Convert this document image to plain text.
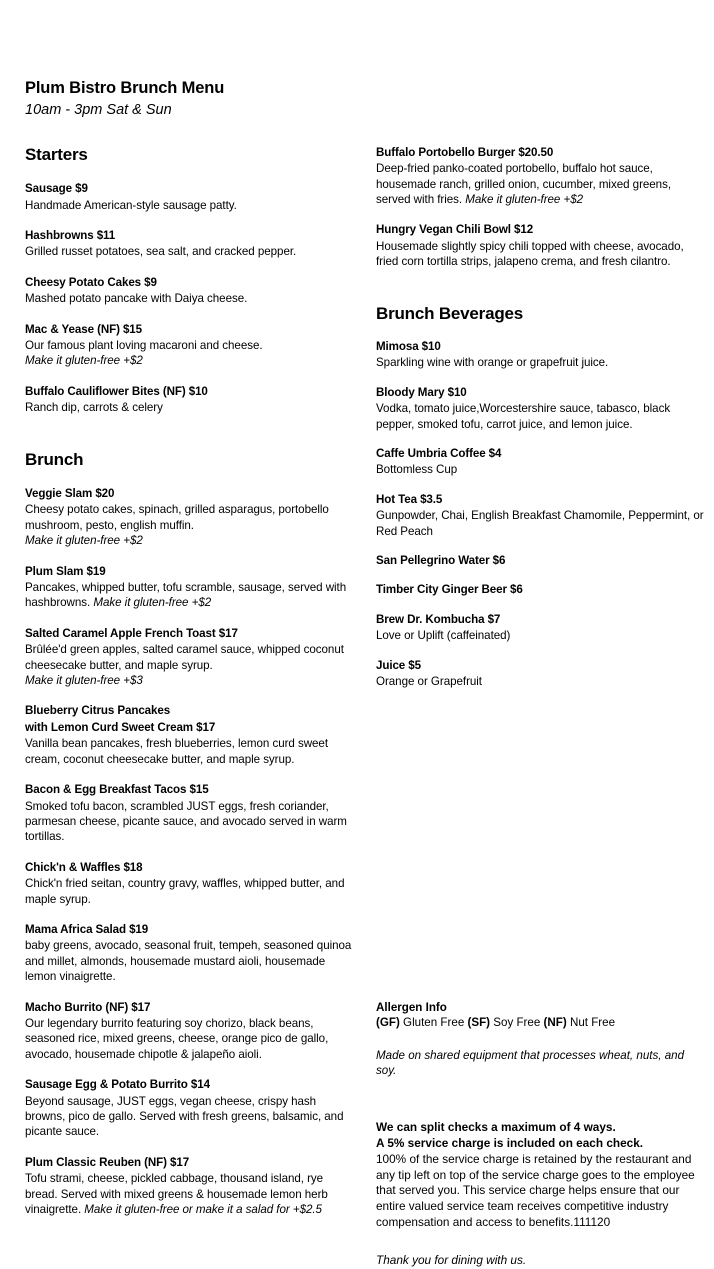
Plum Bistro Brunch Menu

10am - 3pm Sat & Sun

Starters

Sausage $9

Handmade American-style sausage patty.

Hashbrowns $11

Grilled russet potatoes, sea salt, and cracked pepper.

Cheesy Potato Cakes $9

Mashed potato pancake with Daiya cheese.

Mac & Yease (NF) $15

Our famous plant loving macaroni and cheese.

Make it gluten-free +$2

Buffalo Cauliflower Bites (NF) $10

Ranch dip, carrots & celery

Brunch

Veggie Slam $20

Cheesy potato cakes, spinach, grilled asparagus, portobello mushroom, pesto, english muffin.

Make it gluten-free +$2

Plum Slam $19

Pancakes, whipped butter, tofu scramble, sausage, served with hashbrowns. Make it gluten-free +$2

Salted Caramel Apple French Toast $17

Brûlée'd green apples, salted caramel sauce, whipped coconut cheesecake butter, and maple syrup.

Make it gluten-free +$3

Blueberry Citrus Pancakes

with Lemon Curd Sweet Cream $17

Vanilla bean pancakes, fresh blueberries, lemon curd sweet cream, coconut cheesecake butter, and maple syrup.

Bacon & Egg Breakfast Tacos $15

Smoked tofu bacon, scrambled JUST eggs, fresh coriander, parmesan cheese, picante sauce, and avocado served in warm tortillas.

Chick'n & Waffles $18

Chick'n fried seitan, country gravy, waffles, whipped butter, and maple syrup.

Mama Africa Salad $19

baby greens, avocado, seasonal fruit, tempeh, seasoned quinoa and millet, almonds, housemade mustard aioli, housemade lemon vinaigrette.

Macho Burrito (NF) $17

Our legendary burrito featuring soy chorizo, black beans, seasoned rice, mixed greens, cheese, orange pico de gallo, avocado, housemade chipotle & jalapeño aioli.

Sausage Egg & Potato Burrito $14

Beyond sausage, JUST eggs, vegan cheese, crispy hash browns, pico de gallo. Served with fresh greens, balsamic, and picante sauce.

Plum Classic Reuben (NF) $17

Tofu strami, cheese, pickled cabbage, thousand island, rye bread. Served with mixed greens & housemade lemon herb vinaigrette. Make it gluten-free or make it a salad for +$2.5

Buffalo Portobello Burger $20.50

Deep-fried panko-coated portobello, buffalo hot sauce, housemade ranch, grilled onion, cucumber, mixed greens, served with fries. Make it gluten-free +$2

Hungry Vegan Chili Bowl $12

Housemade slightly spicy chili topped with cheese, avocado, fried corn tortilla strips, jalapeno crema, and fresh cilantro.

Brunch Beverages

Mimosa $10

Sparkling wine with orange or grapefruit juice.

Bloody Mary $10

Vodka, tomato juice,Worcestershire sauce, tabasco, black pepper, smoked tofu, carrot juice, and lemon juice.

Caffe Umbria Coffee $4

Bottomless Cup

Hot Tea $3.5

Gunpowder, Chai, English Breakfast Chamomile, Peppermint, or Red Peach

San Pellegrino Water $6

Timber City Ginger Beer $6

Brew Dr. Kombucha $7

Love or Uplift (caffeinated)

Juice $5

Orange or Grapefruit

Allergen Info

(GF) Gluten Free (SF) Soy Free (NF) Nut Free

Made on shared equipment that processes wheat, nuts, and soy.

We can split checks a maximum of 4 ways.

A 5% service charge is included on each check.

100% of the service charge is retained by the restaurant and any tip left on top of the service charge goes to the employee that served you. This service charge helps ensure that our entire valued service team receives competitive industry compensation and access to benefits.111120

Thank you for dining with us.
